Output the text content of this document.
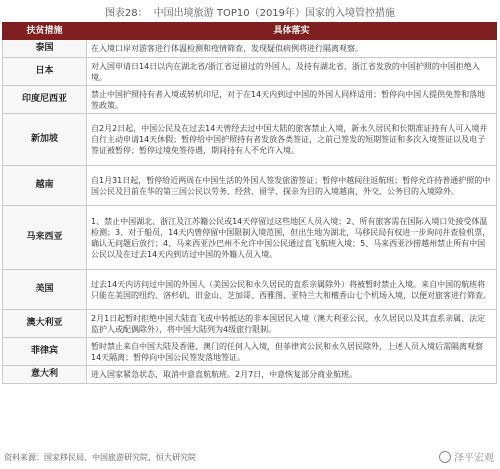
图表28： 中国出境旅游 TOP10（2019年）国家的入境管控措施
扶贫措施	具体落实
泰国	在入境口岸对游客进行体温检测和疫情筛查，发现疑似病例将进行隔离观察。
日本	对入国申请日14日以内在湖北省/浙江省逗留过的外国人，及持有湖北省、浙江省发放的中国护照的中国拒绝入境。
印度尼西亚	禁止中国护照持有者入境或转机印尼，对于在14天内到过中国的外国人同样适用；暂停向中国人提供免签和落地签政策。
新加坡	自2月2日起，中国公民及在过去14天曾经去过中国大陆的旅客禁止入境，新永久居民和长期准证持有人可入境并自行主动申请14天休假；暂停给中国护照持有者发放各类签证，之前已签发的短期签证和多次入境签证以及电子签证被暂停；暂停过境免签待遇，期间持有人不允许入境。
越南	自1月31日起，暂停给近两周在中国生活的外国人签发旅游签证；暂停中越间往返航班；暂停允许持普通护照的中国公民及目前在华的第三国公民以劳务、经营、留学、探亲为目的入境越南，外交、公务目的入境除外。
马来西亚	1、禁止中国湖北、浙江及江苏籍公民或14天停留过这些地区人员入境；2、所有旅客需在国际入境口处接受体温检测；3、对于船员，14天内曾停留中国限制入境范围，但出生地为湖北，马移民局有权进一步询问并查验机票，确认无问题后放行；4、马来西亚沙巴州不允许中国公民通过直飞航班入境；5、马来西亚沙捞越州禁止所有中国公民以及在过去14天内到访过中国的外籍人员入境。
美国	过去14天内访问过中国的外国人（美国公民和永久居民的直系亲属除外）将被暂时禁止入境。来自中国的航班将只能在美国的纽约、洛杉矶、旧金山、芝加哥、西雅图、亚特兰大和檀香山七个机场入境，以便对旅客进行筛查。
澳大利亚	2月1日起暂时拒绝中国大陆直飞或中转抵达的非本国居民入境（澳大利亚公民、永久居民以及其直系亲属、法定监护人或配偶除外），将中国大陆列为4级旅行限制。
菲律宾	暂时禁止来自中国大陆及香港、澳门的任何人入境，但菲律宾公民和永久居民除外，上述人员入境后需隔离观察14天隔离；暂停向中国公民签发落地签证。
意大利	进入国家紧急状态，取消中意直航航班。2月7日，中意恢复部分商业航班。
资料来源：国家移民局、中国旅游研究院、恒大研究院	泽平宏观
